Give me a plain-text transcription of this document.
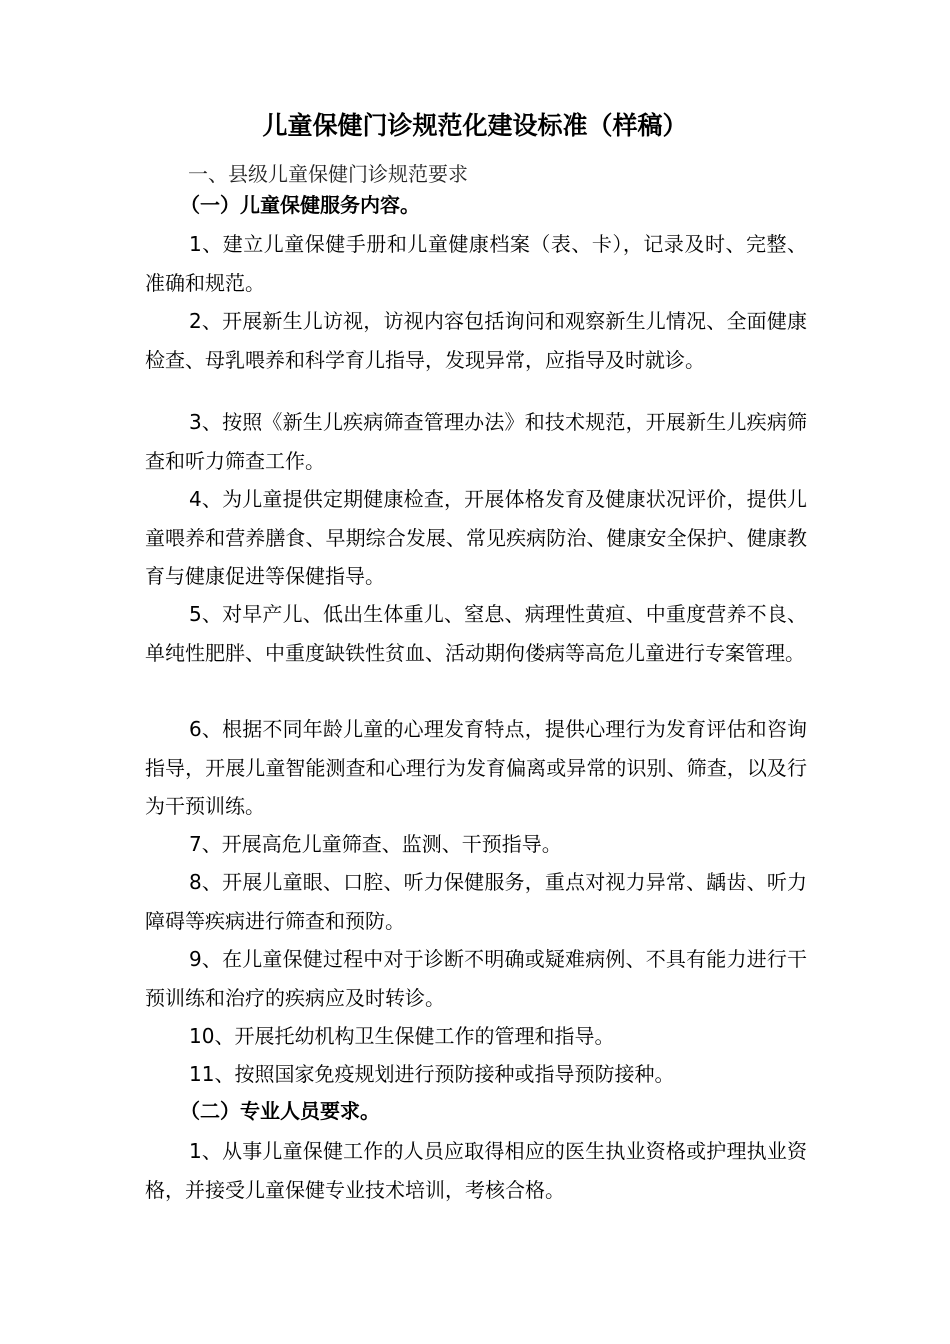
儿童保健门诊规范化建设标准（样稿）

一、县级儿童保健门诊规范要求

（一）儿童保健服务内容。

1、建立儿童保健手册和儿童健康档案（表、卡），记录及时、完整、准确和规范。

2、开展新生儿访视，访视内容包括询问和观察新生儿情况、全面健康检查、母乳喂养和科学育儿指导，发现异常，应指导及时就诊。

3、按照《新生儿疾病筛查管理办法》和技术规范，开展新生儿疾病筛查和听力筛查工作。

4、为儿童提供定期健康检查，开展体格发育及健康状况评价，提供儿童喂养和营养膳食、早期综合发展、常见疾病防治、健康安全保护、健康教育与健康促进等保健指导。

5、对早产儿、低出生体重儿、窒息、病理性黄疸、中重度营养不良、单纯性肥胖、中重度缺铁性贫血、活动期佝偻病等高危儿童进行专案管理。

6、根据不同年龄儿童的心理发育特点，提供心理行为发育评估和咨询指导，开展儿童智能测查和心理行为发育偏离或异常的识别、筛查，以及行为干预训练。

7、开展高危儿童筛查、监测、干预指导。

8、开展儿童眼、口腔、听力保健服务，重点对视力异常、龋齿、听力障碍等疾病进行筛查和预防。

9、在儿童保健过程中对于诊断不明确或疑难病例、不具有能力进行干预训练和治疗的疾病应及时转诊。

10、开展托幼机构卫生保健工作的管理和指导。

11、按照国家免疫规划进行预防接种或指导预防接种。

（二）专业人员要求。

1、从事儿童保健工作的人员应取得相应的医生执业资格或护理执业资格，并接受儿童保健专业技术培训，考核合格。
